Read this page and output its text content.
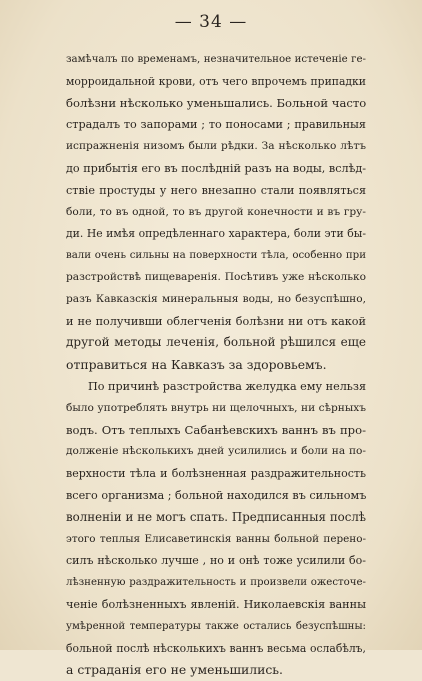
— 34 —
замѣчалъ по временамъ, незначительное истеченіе ге-
морроидальной крови, отъ чего впрочемъ припадки
болѣзни нѣсколько уменьшались. Больной часто
страдалъ то запорами ; то поносами ; правильныя
испражненія низомъ были рѣдки. За нѣсколько лѣтъ
до прибытія его въ послѣдній разъ на воды, вслѣд-
ствіе простуды у него внезапно стали появляться
боли, то въ одной, то въ другой конечности и въ гру-
ди. Не имѣя опредѣленнаго характера, боли эти бы-
вали очень сильны на поверхности тѣла, особенно при
разстройствѣ пищеваренія. Посѣтивъ уже нѣсколько
разъ Кавказскія минеральныя воды, но безуспѣшно,
и не получивши облегченія болѣзни ни отъ какой
другой методы леченія, больной рѣшился еще
отправиться на Кавказъ за здоровьемъ.
По причинѣ разстройства желудка ему нельзя
было употреблять внутрь ни щелочныхъ, ни сѣрныхъ
водъ. Отъ теплыхъ Сабанѣевскихъ ваннъ въ про-
долженіе нѣсколькихъ дней усилились и боли на по-
верхности тѣла и болѣзненная раздражительность
всего организма ; больной находился въ сильномъ
волненіи и не могъ спать. Предписанныя послѣ
этого теплыя Елисаветинскія ванны больной перено-
силъ нѣсколько лучше , но и онѣ тоже усилили бо-
лѣзненную раздражительность и произвели ожесточе-
ченіе болѣзненныхъ явленій. Николаевскія ванны
умѣренной температуры также остались безуспѣшны:
больной послѣ нѣсколькихъ ваннъ весьма ослабѣлъ,
а страданія его не уменьшились.
